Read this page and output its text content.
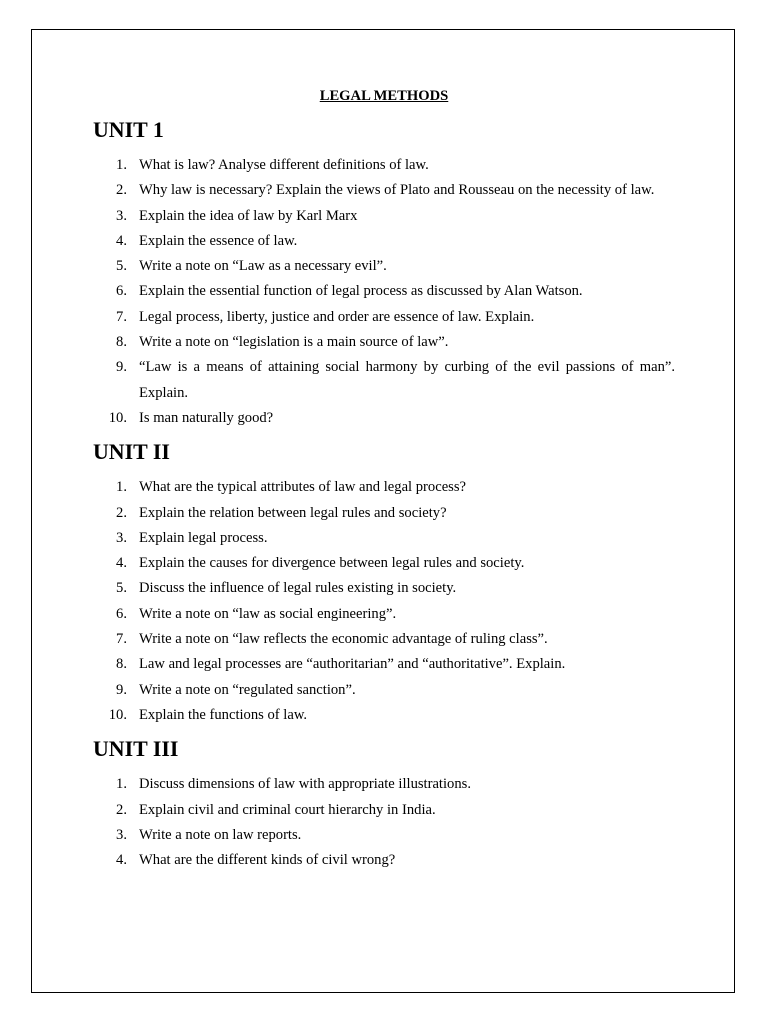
LEGAL METHODS
UNIT 1
1. What is law? Analyse different definitions of law.
2. Why law is necessary? Explain the views of Plato and Rousseau on the necessity of law.
3. Explain the idea of law by Karl Marx
4. Explain the essence of law.
5. Write a note on “Law as a necessary evil”.
6. Explain the essential function of legal process as discussed by Alan Watson.
7. Legal process, liberty, justice and order are essence of law. Explain.
8. Write a note on “legislation is a main source of law”.
9. “Law is a means of attaining social harmony by curbing of the evil passions of man”. Explain.
10. Is man naturally good?
UNIT II
1. What are the typical attributes of law and legal process?
2. Explain the relation between legal rules and society?
3. Explain legal process.
4. Explain the causes for divergence between legal rules and society.
5. Discuss the influence of legal rules existing in society.
6. Write a note on “law as social engineering”.
7. Write a note on “law reflects the economic advantage of ruling class”.
8. Law and legal processes are “authoritarian” and “authoritative”. Explain.
9. Write a note on “regulated sanction”.
10. Explain the functions of law.
UNIT III
1. Discuss dimensions of law with appropriate illustrations.
2. Explain civil and criminal court hierarchy in India.
3. Write a note on law reports.
4. What are the different kinds of civil wrong?
